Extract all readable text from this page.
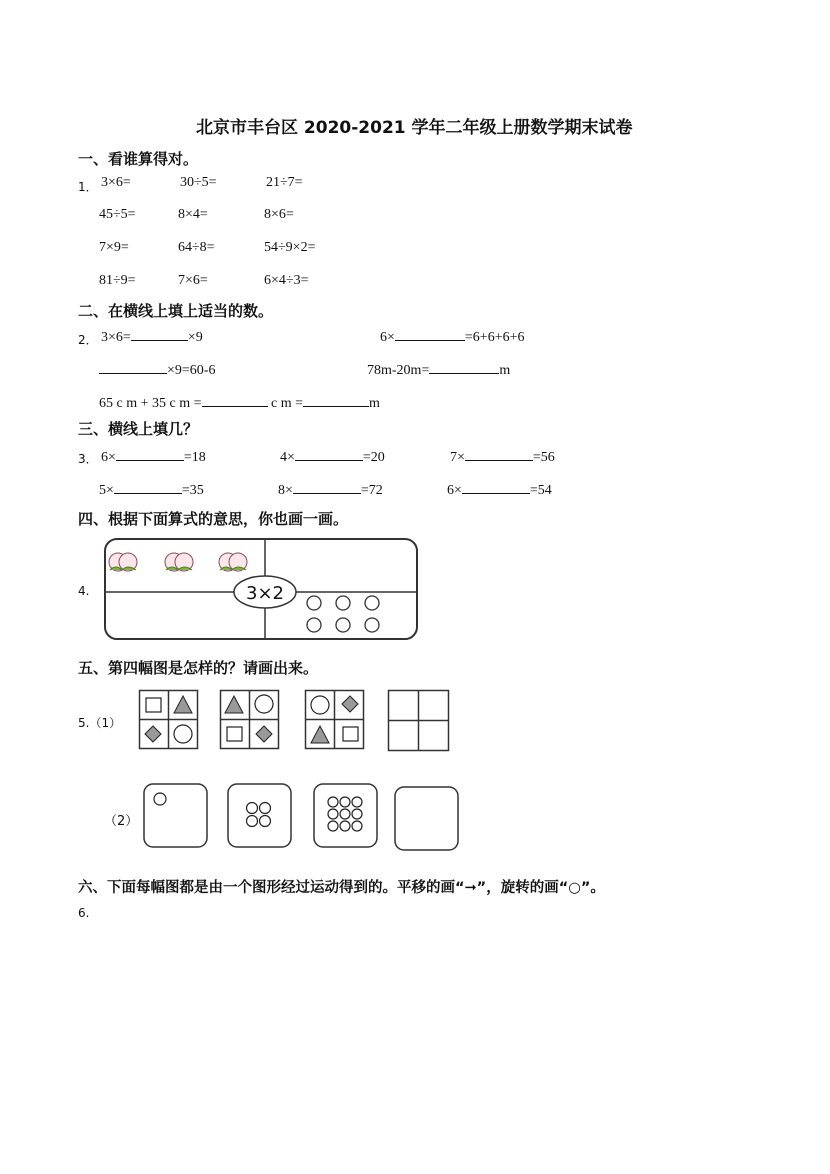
北京市丰台区 2020-2021 学年二年级上册数学期末试卷
一、看谁算得对。
1． 3×6=	30÷5=	21÷7=
45÷5=	8×4=	8×6=
7×9=	64÷8=	54÷9×2=
81÷9=	7×6=	6×4÷3=
二、在横线上填上适当的数。
2． 3×6=	×9	6×	=6+6+6+6
×9=60-6	78m-20m=	m
65 c m + 35 c m =	c m =	m
三、横线上填几？
3． 6×	=18	4×	=20	7×	=56
5×	=35	8×	=72	6×	=54
四、根据下面算式的意思，你也画一画。
4.	3×2
五、第四幅图是怎样的？请画出来。
5.（1）
（2）
六、下面每幅图都是由一个图形经过运动得到的。平移的画“➞”，旋转的画“○”。
6.
